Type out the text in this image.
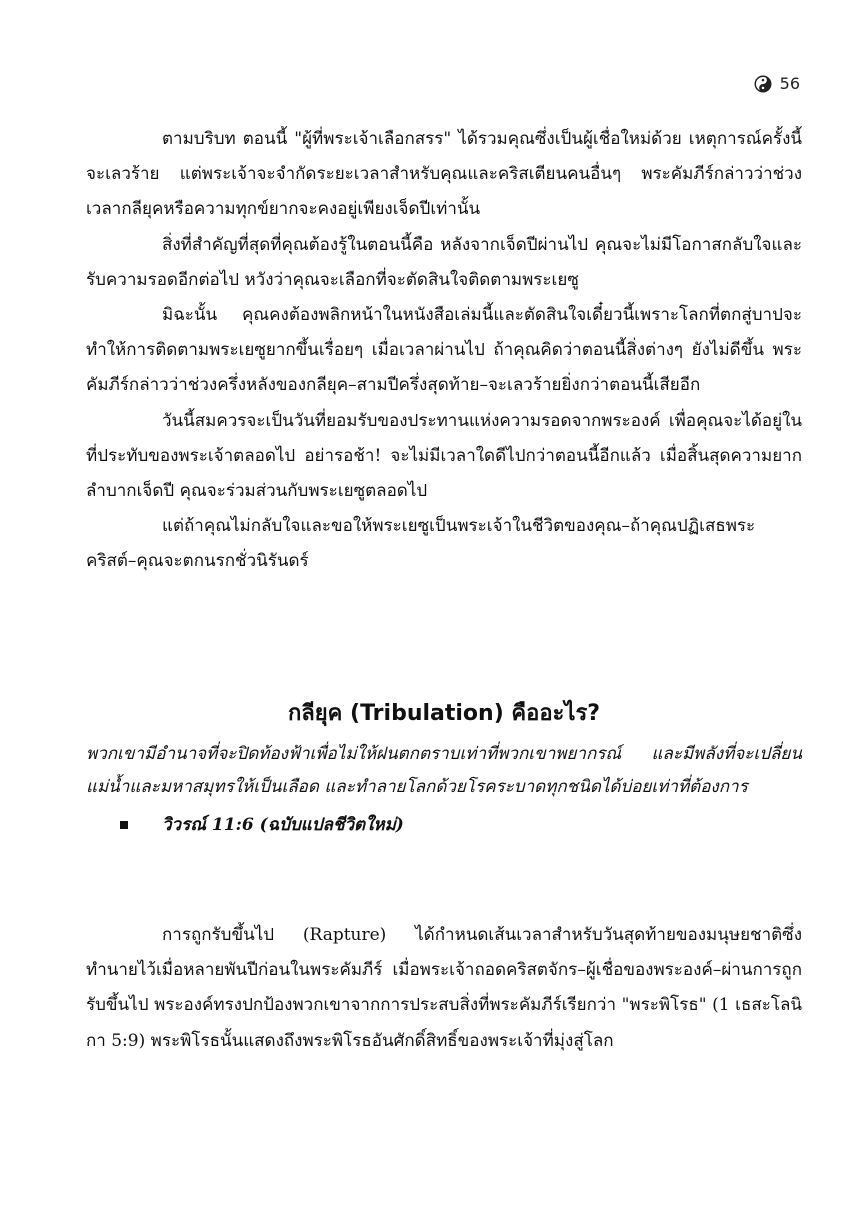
56

ตามบริบท ตอนนี้ "ผู้ที่พระเจ้าเลือกสรร" ได้รวมคุณซึ่งเป็นผู้เชื่อใหม่ด้วย เหตุการณ์ครั้งนี้จะเลวร้าย แต่พระเจ้าจะจำกัดระยะเวลาสำหรับคุณและคริสเตียนคนอื่นๆ พระคัมภีร์กล่าวว่าช่วงเวลากลียุคหรือความทุกข์ยากจะคงอยู่เพียงเจ็ดปีเท่านั้น

สิ่งที่สำคัญที่สุดที่คุณต้องรู้ในตอนนี้คือ หลังจากเจ็ดปีผ่านไป คุณจะไม่มีโอกาสกลับใจและรับความรอดอีกต่อไป หวังว่าคุณจะเลือกที่จะตัดสินใจติดตามพระเยซู

มิฉะนั้น คุณคงต้องพลิกหน้าในหนังสือเล่มนี้และตัดสินใจเดี๋ยวนี้เพราะโลกที่ตกสู่บาปจะทำให้การติดตามพระเยซูยากขึ้นเรื่อยๆ เมื่อเวลาผ่านไป ถ้าคุณคิดว่าตอนนี้สิ่งต่างๆ ยังไม่ดีขึ้น พระคัมภีร์กล่าวว่าช่วงครึ่งหลังของกลียุค–สามปีครึ่งสุดท้าย–จะเลวร้ายยิ่งกว่าตอนนี้เสียอีก

วันนี้สมควรจะเป็นวันที่ยอมรับของประทานแห่งความรอดจากพระองค์ เพื่อคุณจะได้อยู่ในที่ประทับของพระเจ้าตลอดไป อย่ารอช้า! จะไม่มีเวลาใดดีไปกว่าตอนนี้อีกแล้ว เมื่อสิ้นสุดความยากลำบากเจ็ดปี คุณจะร่วมส่วนกับพระเยซูตลอดไป

แต่ถ้าคุณไม่กลับใจและขอให้พระเยซูเป็นพระเจ้าในชีวิตของคุณ–ถ้าคุณปฏิเสธพระคริสต์–คุณจะตกนรกชั่วนิรันดร์

กลียุค (Tribulation) คืออะไร?

พวกเขามีอำนาจที่จะปิดท้องฟ้าเพื่อไม่ให้ฝนตกตราบเท่าที่พวกเขาพยากรณ์ และมีพลังที่จะเปลี่ยนแม่น้ำและมหาสมุทรให้เป็นเลือด และทำลายโลกด้วยโรคระบาดทุกชนิดได้บ่อยเท่าที่ต้องการ

วิวรณ์ 11:6 (ฉบับแปลชีวิตใหม่)

การถูกรับขึ้นไป (Rapture) ได้กำหนดเส้นเวลาสำหรับวันสุดท้ายของมนุษยชาติซึ่งทำนายไว้เมื่อหลายพันปีก่อนในพระคัมภีร์ เมื่อพระเจ้าถอดคริสตจักร–ผู้เชื่อของพระองค์–ผ่านการถูกรับขึ้นไป พระองค์ทรงปกป้องพวกเขาจากการประสบสิ่งที่พระคัมภีร์เรียกว่า "พระพิโรธ" (1 เธสะโลนิกา 5:9) พระพิโรธนั้นแสดงถึงพระพิโรธอันศักดิ์สิทธิ์ของพระเจ้าที่มุ่งสู่โลก
